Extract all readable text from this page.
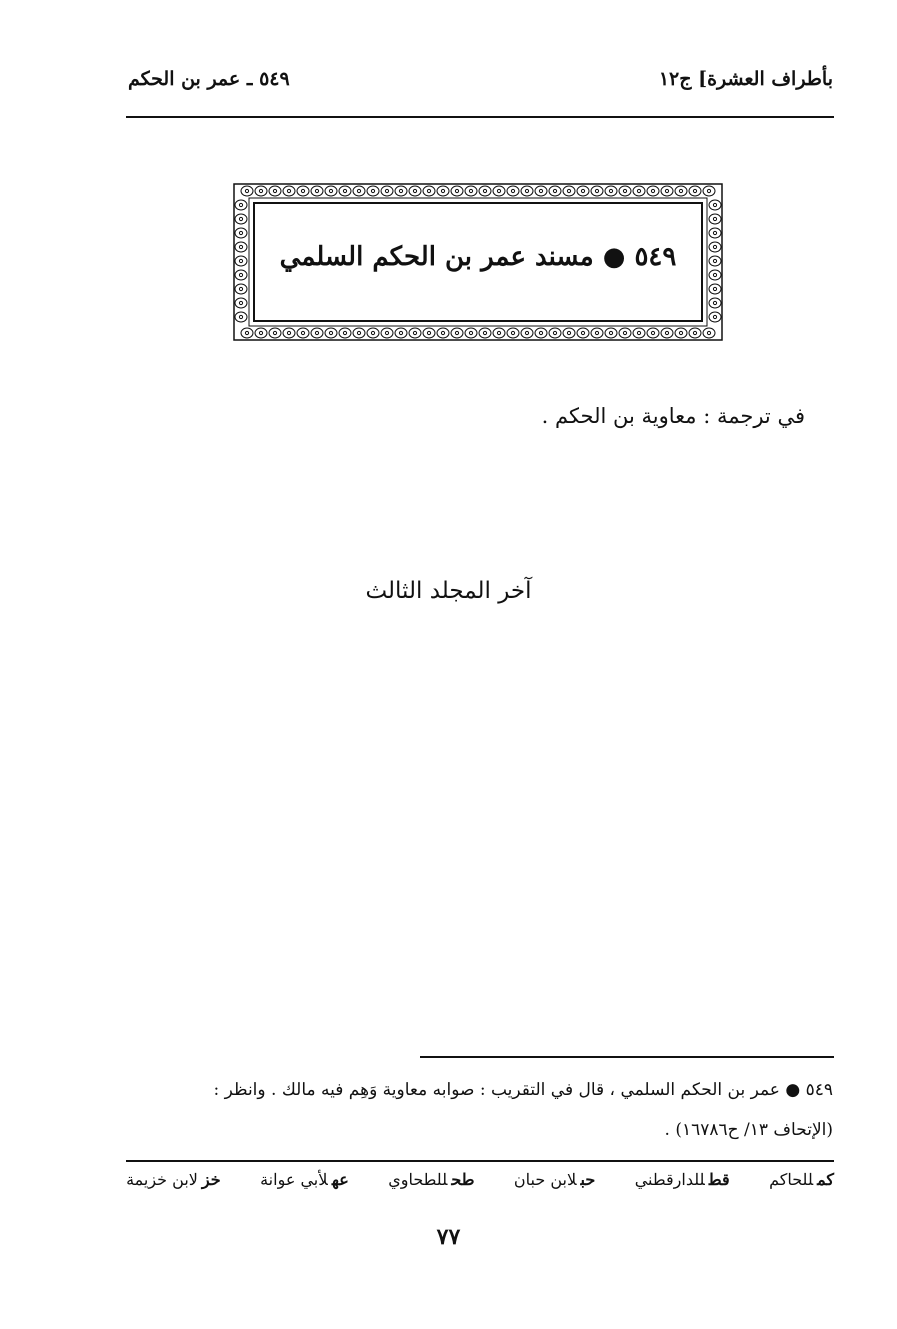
بأطراف العشرة] ج١٢
٥٤٩ ـ عمر بن الحكم
٥٤٩ ● مسند عمر بن الحكم السلمي
في ترجمة : معاوية بن الحكم .
آخر المجلد الثالث
٥٤٩ ● عمر بن الحكم السلمي ، قال في التقريب : صوابه معاوية وَهِم فيه مالك . وانظر :
(الإتحاف ١٣/ ح١٦٧٨٦) .
خزلابن خزيمة	عهلأبي عوانة	طحللطحاوي	حبلابن حبان	قطللدارقطني	كمللحاكم
٧٧
